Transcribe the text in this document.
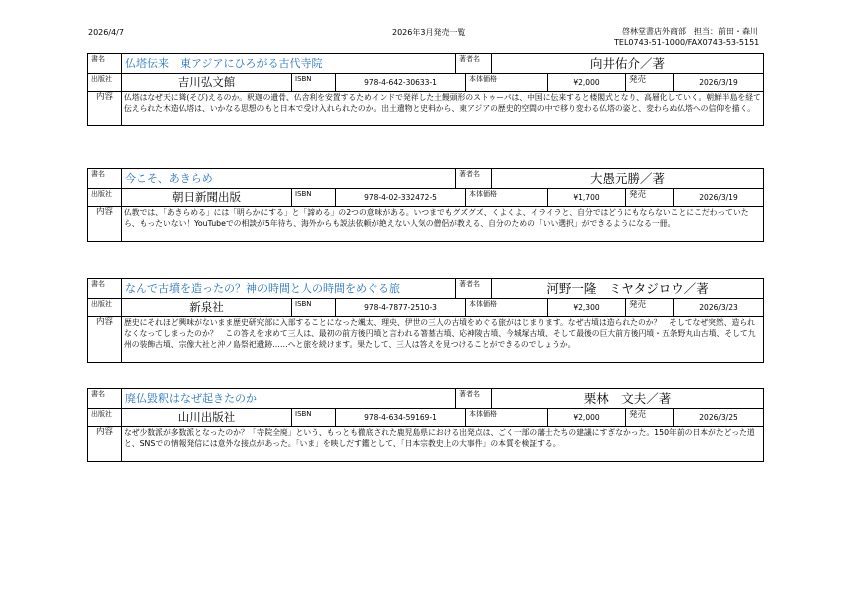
2026/4/7	2026年3月発売一覧	啓林堂書店外商部　担当：前田・森川
TEL0743-51-1000/FAX0743-53-5151
書名	仏塔伝来　東アジアにひろがる古代寺院			著者名		向井佑介／著			
出版社	吉川弘文館	ISBN	978-4-642-30633-1		本体価格		¥2,000	発売	2026/3/19
内容	仏塔はなぜ天に聳(そび)えるのか。釈迦の遺骨、仏舎利を安置するためインドで発祥した土饅頭形のストゥーパは、中国に伝来すると楼閣式となり、高層化していく。朝鮮半島を経て伝えられた木造仏塔は、いかなる思想のもと日本で受け入れられたのか。出土遺物と史料から、東アジアの歴史的空間の中で移り変わる仏塔の姿と、変わらぬ仏塔への信仰を描く。								
書名	今こそ、あきらめ			著者名		大愚元勝／著			
出版社	朝日新聞出版	ISBN	978-4-02-332472-5		本体価格		¥1,700	発売	2026/3/19
内容	仏教では、「あきらめる」には「明らかにする」と「諦める」の2つの意味がある。いつまでもグズグズ、くよくよ、イライラと、自分ではどうにもならないことにこだわっていたら、もったいない！YouTubeでの相談が5年待ち、海外からも説法依頼が絶えない人気の僧侶が教える、自分のための「いい選択」ができるようになる一冊。								
書名	なんで古墳を造ったの？神の時間と人の時間をめぐる旅			著者名		河野一隆　ミヤタジロウ／著			
出版社	新泉社	ISBN	978-4-7877-2510-3		本体価格		¥2,300	発売	2026/3/23
内容	歴史にそれほど興味がないまま歴史研究部に入部することになった颯太、理央、伊世の三人の古墳をめぐる旅がはじまります。なぜ古墳は造られたのか？　そしてなぜ突然、造られなくなってしまったのか？　この答えを求めて三人は、最初の前方後円墳と言われる箸墓古墳、応神陵古墳、今城塚古墳、そして最後の巨大前方後円墳・五条野丸山古墳、そして九州の装飾古墳、宗像大社と沖ノ島祭祀遺跡‥‥‥へと旅を続けます。果たして、三人は答えを見つけることができるのでしょうか。								
書名	廃仏毀釈はなぜ起きたのか			著者名		栗林　文夫／著			
出版社	山川出版社	ISBN	978-4-634-59169-1		本体価格		¥2,000	発売	2026/3/25
内容	なぜ少数派が多数派となったのか？「寺院全廃」という、もっとも徹底された鹿児島県における出発点は、ごく一部の藩士たちの建議にすぎなかった。150年前の日本がたどった道と、SNSでの情報発信には意外な接点があった。「いま」を映しだす鑑として、「日本宗教史上の大事件」の本質を検証する。								
